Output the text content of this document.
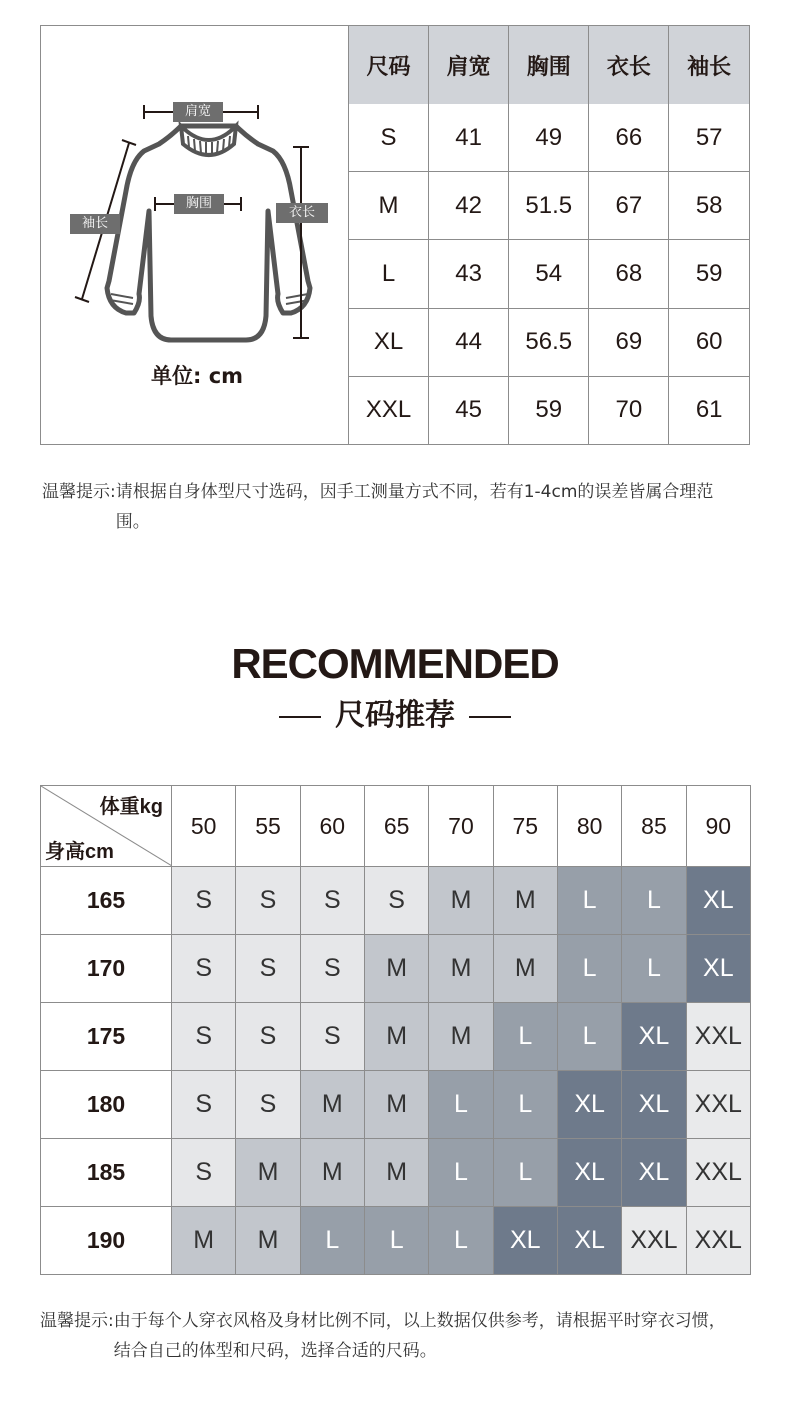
肩宽
胸围
衣长
袖长
单位: cm
尺码	肩宽	胸围	衣长	袖长
S	41	49	66	57
M	42	51.5	67	58
L	43	54	68	59
XL	44	56.5	69	60
XXL	45	59	70	61
温馨提示:请根据自身体型尺寸选码，因手工测量方式不同，若有1-4cm的误差皆属合理范围。
RECOMMENDED
尺码推荐
体重kg
身高cm	50	55	60	65	70	75	80	85	90
165	S	S	S	S	M	M	L	L	XL
170	S	S	S	M	M	M	L	L	XL
175	S	S	S	M	M	L	L	XL	XXL
180	S	S	M	M	L	L	XL	XL	XXL
185	S	M	M	M	L	L	XL	XL	XXL
190	M	M	L	L	L	XL	XL	XXL	XXL
温馨提示:由于每个人穿衣风格及身材比例不同，以上数据仅供参考，请根据平时穿衣习惯，结合自己的体型和尺码，选择合适的尺码。
